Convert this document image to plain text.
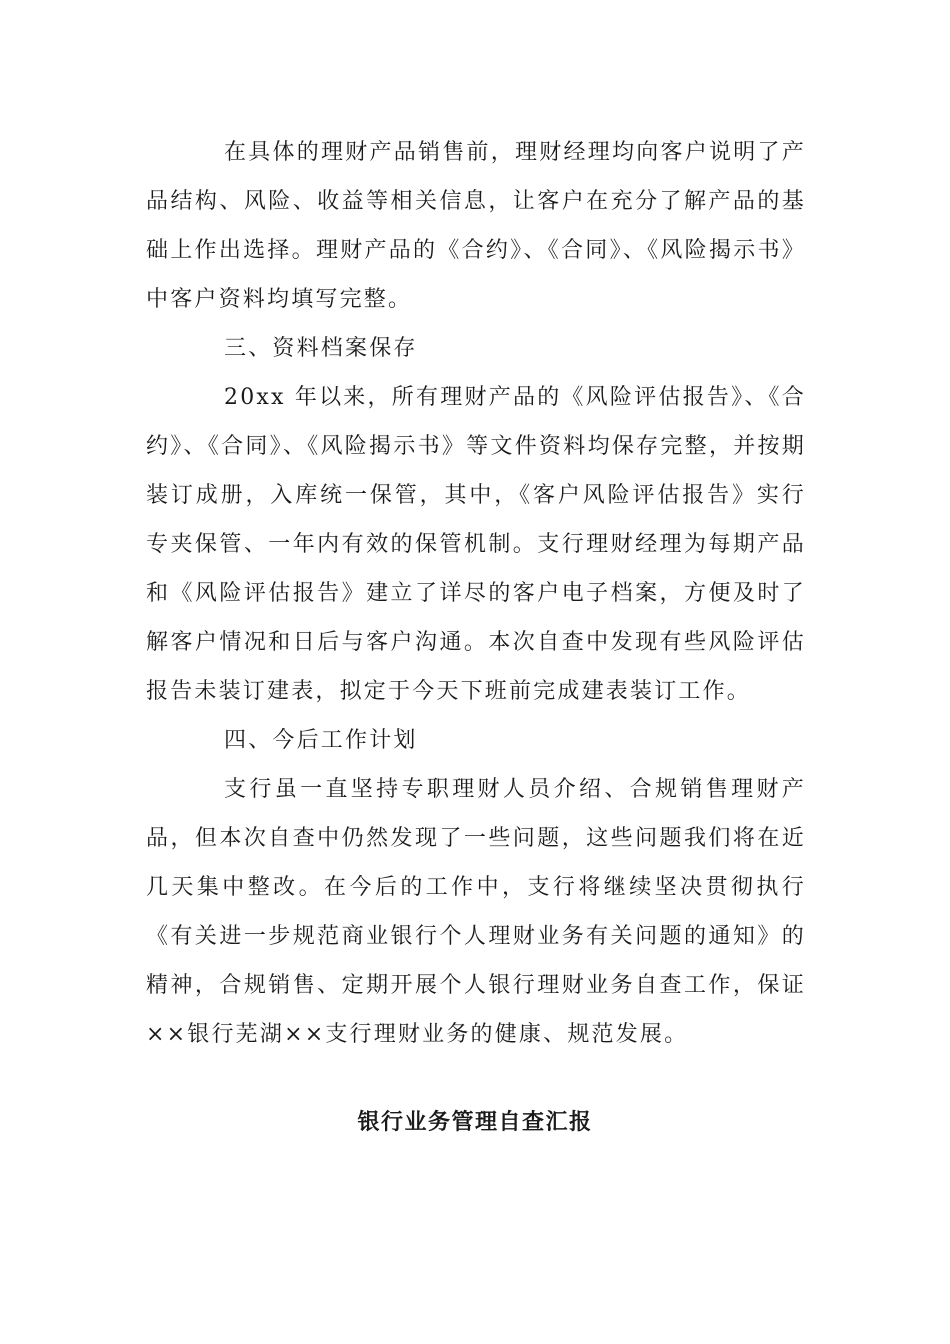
在具体的理财产品销售前，理财经理均向客户说明了产品结构、风险、收益等相关信息，让客户在充分了解产品的基础上作出选择。理财产品的《合约》、《合同》、《风险揭示书》中客户资料均填写完整。

三、资料档案保存

20xx 年以来，所有理财产品的《风险评估报告》、《合约》、《合同》、《风险揭示书》等文件资料均保存完整，并按期装订成册，入库统一保管，其中，《客户风险评估报告》实行专夹保管、一年内有效的保管机制。支行理财经理为每期产品和《风险评估报告》建立了详尽的客户电子档案，方便及时了解客户情况和日后与客户沟通。本次自查中发现有些风险评估报告未装订建表，拟定于今天下班前完成建表装订工作。

四、今后工作计划

支行虽一直坚持专职理财人员介绍、合规销售理财产品，但本次自查中仍然发现了一些问题，这些问题我们将在近几天集中整改。在今后的工作中，支行将继续坚决贯彻执行《有关进一步规范商业银行个人理财业务有关问题的通知》的精神，合规销售、定期开展个人银行理财业务自查工作，保证××银行芜湖××支行理财业务的健康、规范发展。

银行业务管理自查汇报
